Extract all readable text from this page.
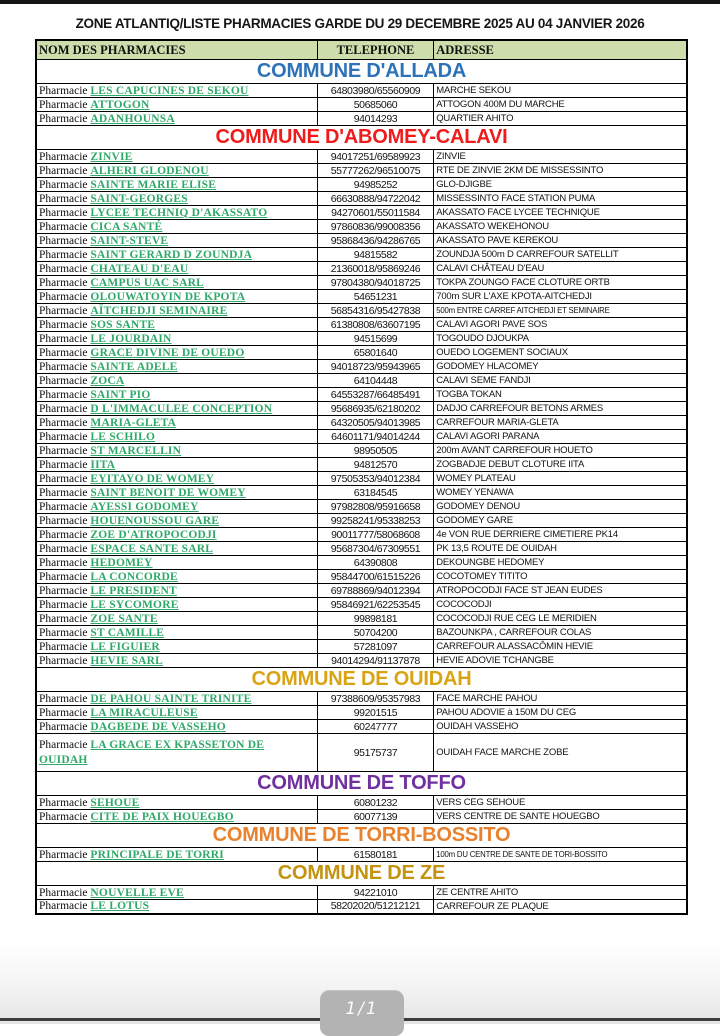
ZONE ATLANTIQ/LISTE PHARMACIES GARDE DU 29 DECEMBRE 2025 AU 04 JANVIER 2026
NOM DES PHARMACIES	TELEPHONE	ADRESSE
COMMUNE D'ALLADA		
Pharmacie LES CAPUCINES DE SEKOU	64803980/65560909	MARCHE SEKOU
Pharmacie ATTOGON	50685060	ATTOGON 400M DU MARCHE
Pharmacie ADANHOUNSA	94014293	QUARTIER AHITO
COMMUNE D'ABOMEY-CALAVI		
Pharmacie ZINVIE	94017251/69589923	ZINVIE
Pharmacie ALHERI GLODENOU	55777262/96510075	RTE DE ZINVIE 2KM DE MISSESSINTO
Pharmacie SAINTE MARIE ELISE	94985252	GLO-DJIGBE
Pharmacie SAINT-GEORGES	66630888/94722042	MISSESSINTO FACE STATION PUMA
Pharmacie LYCEE TECHNIQ D'AKASSATO	94270601/55011584	AKASSATO FACE LYCEE TECHNIQUE
Pharmacie CICA SANTÉ	97860836/99008356	AKASSATO WEKEHONOU
Pharmacie SAINT-STEVE	95868436/94286765	AKASSATO PAVE KEREKOU
Pharmacie SAINT GERARD D ZOUNDJA	94815582	ZOUNDJA 500m D CARREFOUR SATELLIT
Pharmacie CHATEAU D'EAU	21360018/95869246	CALAVI CHÂTEAU D'EAU
Pharmacie CAMPUS UAC SARL	97804380/94018725	TOKPA ZOUNGO FACE CLOTURE ORTB
Pharmacie OLOUWATOYIN DE KPOTA	54651231	700m SUR L'AXE KPOTA-AITCHEDJI
Pharmacie AÏTCHEDJI SEMINAIRE	56854316/95427838	500m ENTRE CARREF AITCHEDJI ET SEMINAIRE
Pharmacie SOS SANTE	61380808/63607195	CALAVI AGORI PAVE SOS
Pharmacie LE JOURDAIN	94515699	TOGOUDO DJOUKPA
Pharmacie GRACE DIVINE DE OUEDO	65801640	OUEDO LOGEMENT SOCIAUX
Pharmacie SAINTE ADELE	94018723/95943965	GODOMEY HLACOMEY
Pharmacie ZOCA	64104448	CALAVI SEME FANDJI
Pharmacie SAINT PIO	64553287/66485491	TOGBA TOKAN
Pharmacie D L'IMMACULEE CONCEPTION	95686935/62180202	DADJO CARREFOUR BETONS ARMES
Pharmacie MARIA-GLETA	64320505/94013985	CARREFOUR MARIA-GLETA
Pharmacie LE SCHILO	64601171/94014244	CALAVI AGORI PARANA
Pharmacie ST MARCELLIN	98950505	200m AVANT CARREFOUR HOUETO
Pharmacie IITA	94812570	ZOGBADJE DEBUT CLOTURE IITA
Pharmacie EYITAYO DE WOMEY	97505353/94012384	WOMEY PLATEAU
Pharmacie SAINT BENOIT DE WOMEY	63184545	WOMEY YENAWA
Pharmacie AYESSI GODOMEY	97982808/95916658	GODOMEY DENOU
Pharmacie HOUENOUSSOU GARE	99258241/95338253	GODOMEY GARE
Pharmacie ZOE D'ATROPOCODJI	90011777/58068608	4e VON RUE DERRIERE CIMETIERE PK14
Pharmacie ESPACE SANTE SARL	95687304/67309551	PK 13,5 ROUTE DE OUIDAH
Pharmacie HEDOMEY	64390808	DEKOUNGBE HEDOMEY
Pharmacie LA CONCORDE	95844700/61515226	COCOTOMEY TITITO
Pharmacie LE PRESIDENT	69788869/94012394	ATROPOCODJI FACE ST JEAN EUDES
Pharmacie LE SYCOMORE	95846921/62253545	COCOCODJI
Pharmacie ZOE SANTE	99898181	COCOCODJI RUE CEG LE MERIDIEN
Pharmacie ST CAMILLE	50704200	BAZOUNKPA , CARREFOUR COLAS
Pharmacie LE FIGUIER	57281097	CARREFOUR ALASSACÔMIN HEVIE
Pharmacie HEVIE SARL	94014294/91137878	HEVIE ADOVIE TCHANGBE
COMMUNE DE OUIDAH		
Pharmacie DE PAHOU SAINTE TRINITE	97388609/95357983	FACE MARCHE PAHOU
Pharmacie LA MIRACULEUSE	99201515	PAHOU ADOVIE à 150M DU CEG
Pharmacie DAGBEDE DE VASSEHO	60247777	OUIDAH VASSEHO
Pharmacie LA GRACE EX KPASSETON DE OUIDAH	95175737	OUIDAH FACE MARCHE ZOBE
COMMUNE DE TOFFO		
Pharmacie SEHOUE	60801232	VERS CEG SEHOUE
Pharmacie CITE DE PAIX HOUEGBO	60077139	VERS CENTRE DE SANTE HOUEGBO
COMMUNE DE TORRI-BOSSITO		
Pharmacie PRINCIPALE DE TORRI	61580181	100m DU CENTRE DE SANTE DE TORI-BOSSITO
COMMUNE DE ZE		
Pharmacie NOUVELLE EVE	94221010	ZE CENTRE AHITO
Pharmacie LE LOTUS	58202020/51212121	CARREFOUR ZE PLAQUE
1/1
